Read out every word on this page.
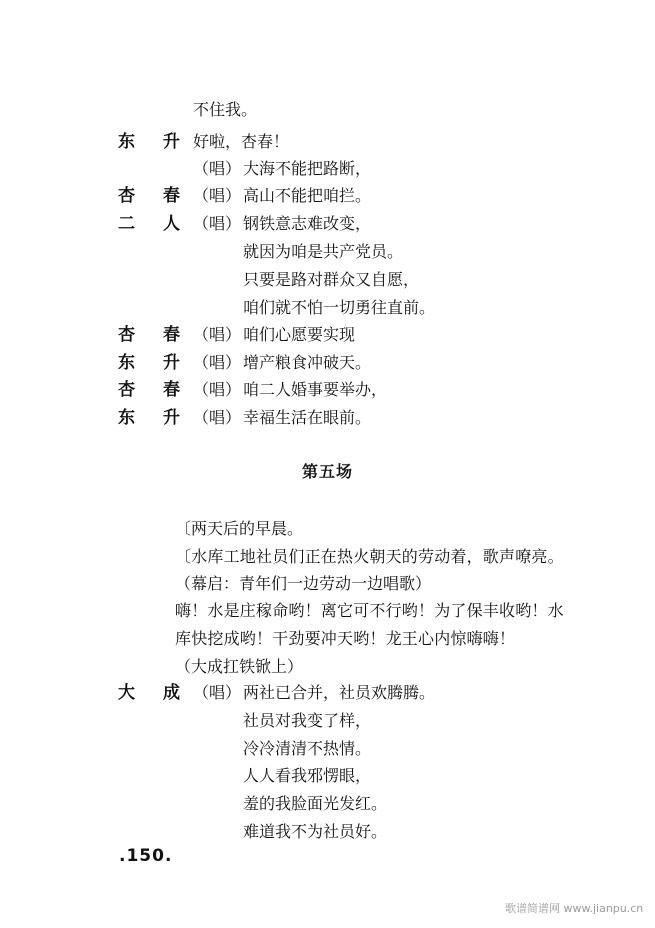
不住我。
东 升 好啦，杏春！
（唱） 大海不能把路断，
杏 春 （唱） 高山不能把咱拦。
二 人 （唱） 钢铁意志难改变，
就因为咱是共产党员。
只要是路对群众又自愿，
咱们就不怕一切勇往直前。
杏 春 （唱） 咱们心愿要实现
东 升 （唱） 增产粮食冲破天。
杏 春 （唱） 咱二人婚事要举办，
东 升 （唱） 幸福生活在眼前。
第五场
〔两天后的早晨。
〔水库工地社员们正在热火朝天的劳动着，歌声嘹亮。
（幕启：青年们一边劳动一边唱歌）
嗨！水是庄稼命哟！离它可不行哟！为了保丰收哟！水
库快挖成哟！干劲要冲天哟！龙王心内惊嗨嗨！
（大成扛铁锨上）
大 成 （唱） 两社已合并，社员欢腾腾。
社员对我变了样，
冷冷清清不热情。
人人看我邪愣眼，
羞的我脸面光发红。
难道我不为社员好。
.150.
歌谱简谱网 www.jianpu.cn
